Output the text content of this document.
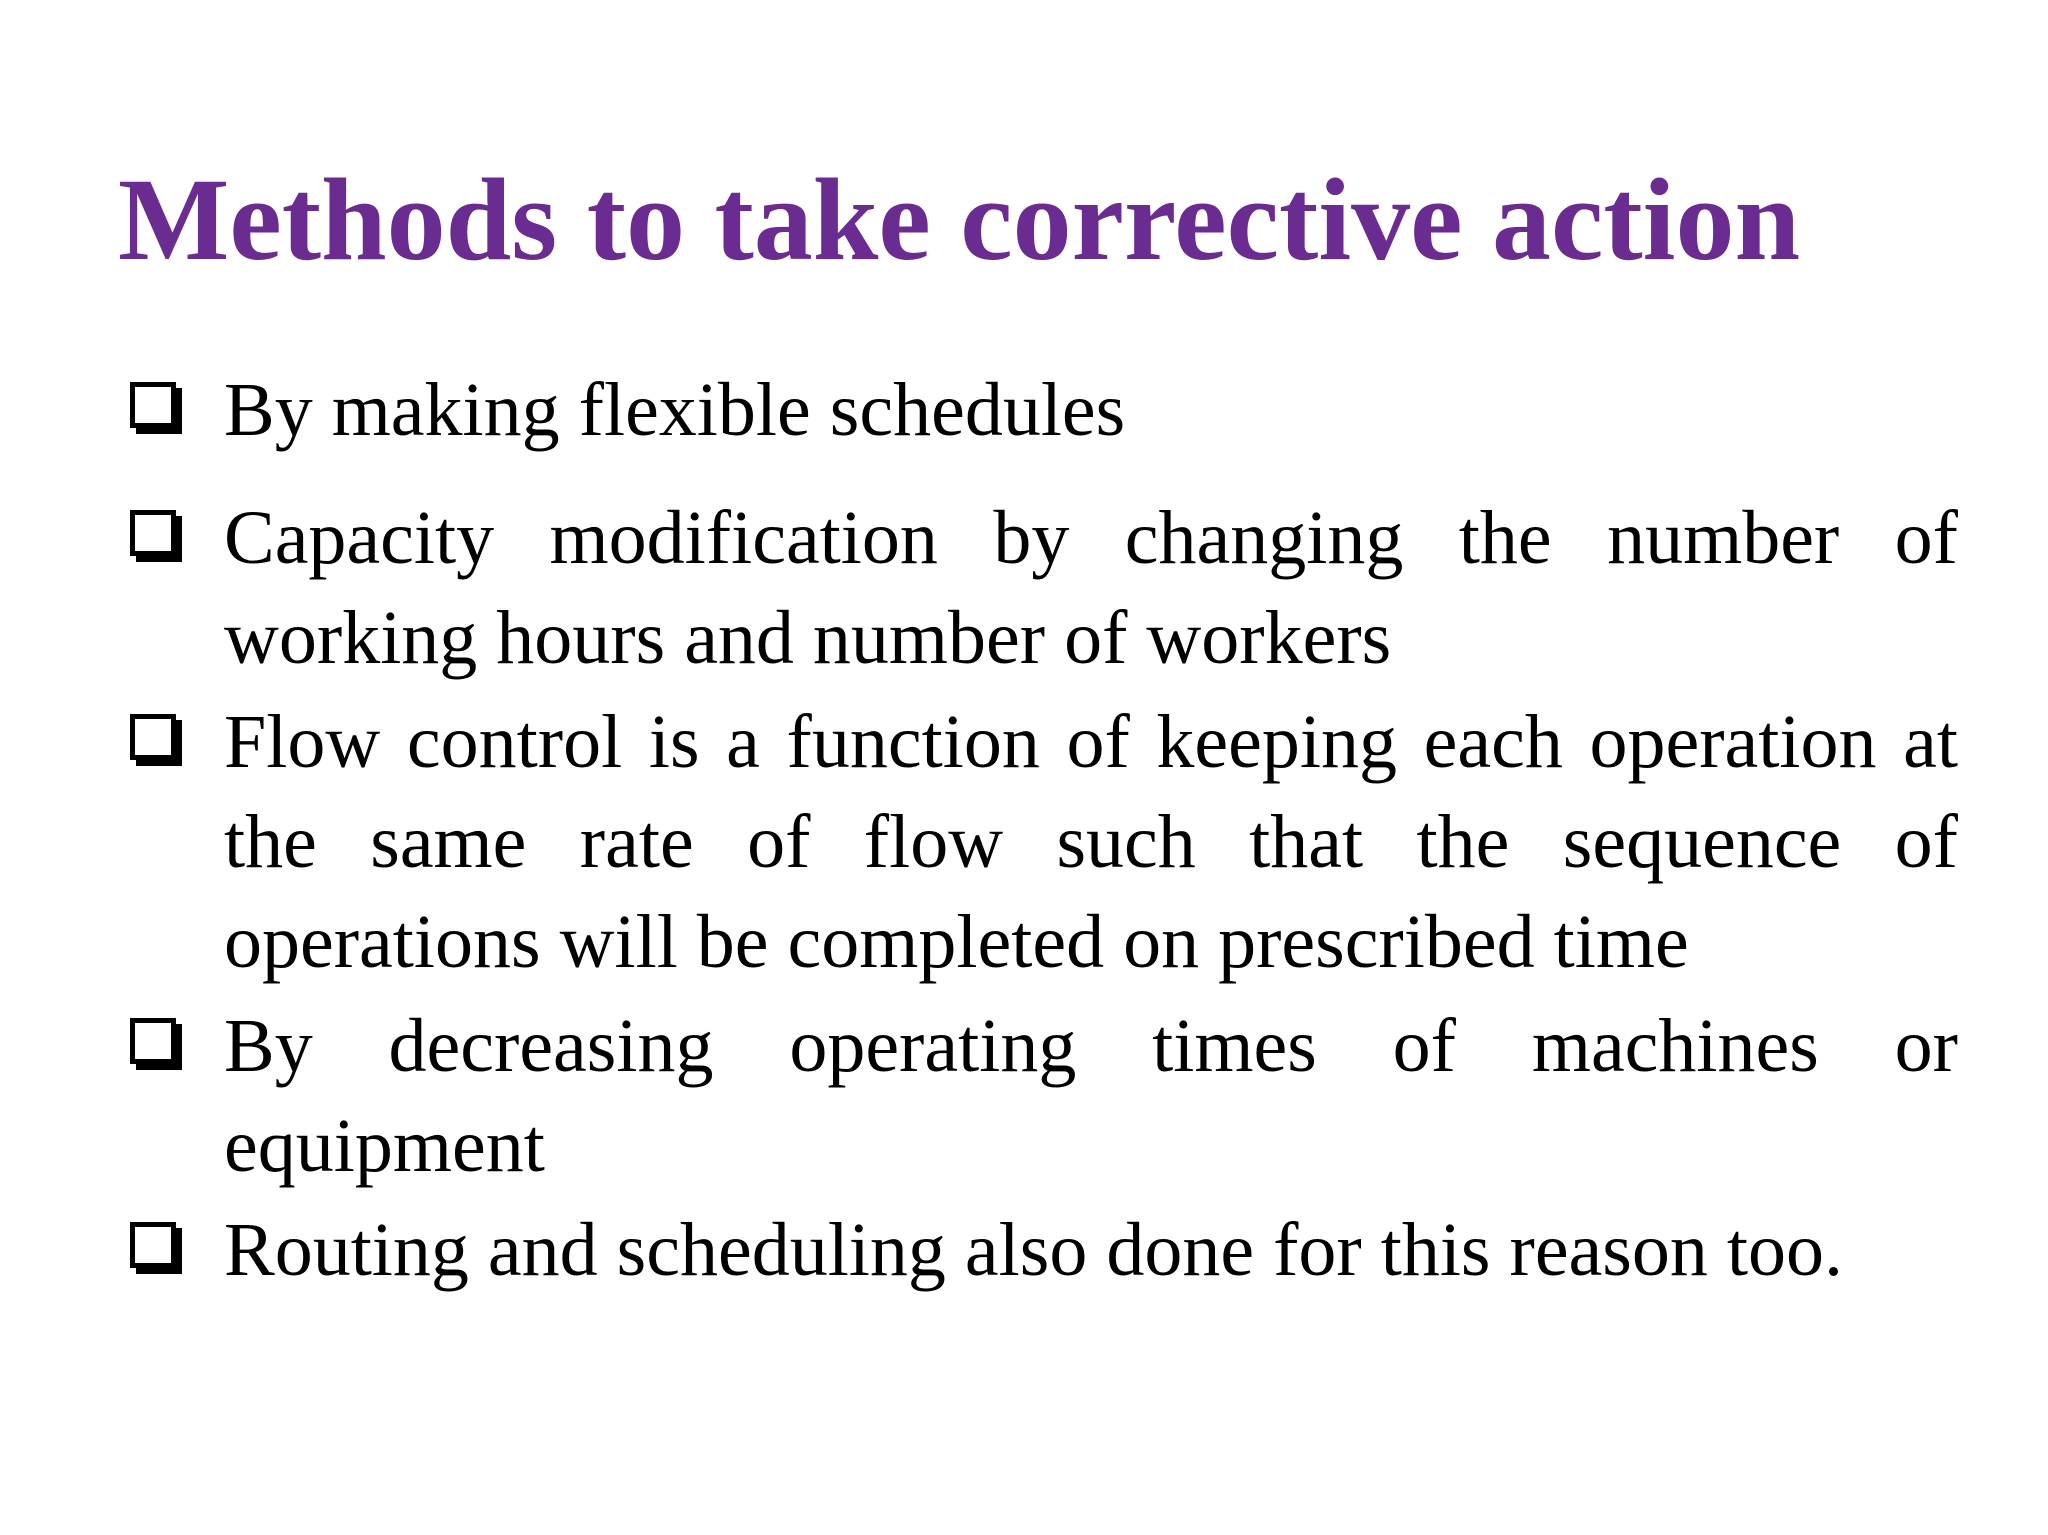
Methods to take corrective action
By making flexible schedules
Capacity modification by changing the number of
working hours and number of workers
Flow control is a function of keeping each operation at
the same rate of flow such that the sequence of
operations will be completed on prescribed time
By decreasing operating times of machines or
equipment
Routing and scheduling also done for this reason too.
